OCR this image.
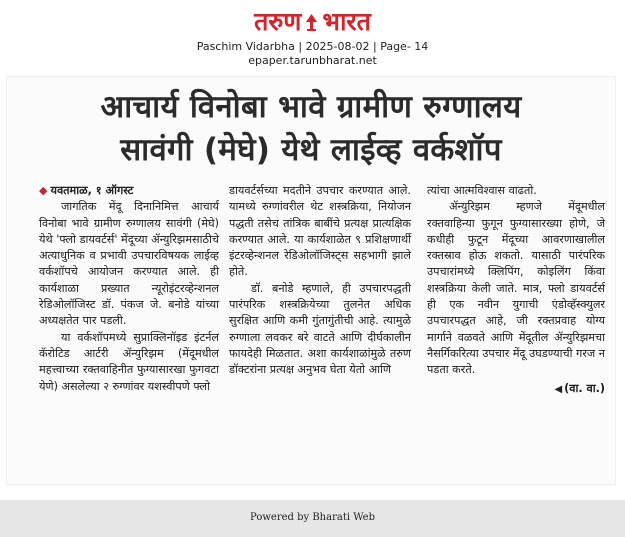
तरुण भारत
Paschim Vidarbha | 2025-08-02 | Page- 14
epaper.tarunbharat.net
आचार्य विनोबा भावे ग्रामीण रुग्णालय
सावंगी (मेघे) येथे लाईव्ह वर्कशॉप
◆ यवतमाळ, १ ऑगस्ट
जागतिक मेंदू दिनानिमित्त आचार्य विनोबा भावे ग्रामीण रुग्णालय सावंगी (मेघे) येथे 'फ्लो डायवर्टर्स' मेंदूच्या ॲन्युरिझमसाठीचे अत्याधुनिक व प्रभावी उपचारविषयक लाईव्ह वर्कशॉपचे आयोजन करण्यात आले. ही कार्यशाळा प्रख्यात न्यूरोइंटरव्हेन्शनल रेडिओलॉजिस्ट डॉ. पंकज जे. बनोडे यांच्या अध्यक्षतेत पार पडली.
या वर्कशॉपमध्ये सुप्राक्लिनॉइड इंटर्नल कॅरोटिड आर्टरी ॲन्युरिझम (मेंदूमधील महत्त्वाच्या रक्तवाहिनीत फुग्यासारखा फुगवटा येणे) असलेल्या २ रुग्णांवर यशस्वीपणे फ्लो
डायवर्टर्सच्या मदतीने उपचार करण्यात आले. यामध्ये रुग्णांवरील थेट शस्त्रक्रिया, नियोजन पद्धती तसेच तांत्रिक बाबींचे प्रत्यक्ष प्रात्यक्षिक करण्यात आले. या कार्यशाळेत ९ प्रशिक्षणार्थी इंटरव्हेन्शनल रेडिओलॉजिस्ट्स सहभागी झाले होते.
डॉ. बनोडे म्हणाले, ही उपचारपद्धती पारंपरिक शस्त्रक्रियेच्या तुलनेत अधिक सुरक्षित आणि कमी गुंतागुंतीची आहे. त्यामुळे रुग्णाला लवकर बरे वाटते आणि दीर्घकालीन फायदेही मिळतात. अशा कार्यशाळांमुळे तरुण डॉक्टरांना प्रत्यक्ष अनुभव घेता येतो आणि
त्यांचा आत्मविश्वास वाढतो.
ॲन्युरिझम म्हणजे मेंदूमधील रक्तवाहिन्या फुगून फुग्यासारख्या होणे, जे कधीही फुटून मेंदूच्या आवरणाखालील रक्तस्राव होऊ शकतो. यासाठी पारंपरिक उपचारांमध्ये क्लिपिंग, कोइलिंग किंवा शस्त्रक्रिया केली जाते. मात्र, फ्लो डायवर्टर्स ही एक नवीन युगाची एंडोव्हॅस्क्युलर उपचारपद्धत आहे, जी रक्तप्रवाह योग्य मार्गाने वळवते आणि मेंदूतील ॲन्युरिझमचा नैसर्गिकरित्या उपचार मेंदू उघडण्याची गरज न पडता करते.
◀ (वा. वा.)
Powered by Bharati Web
